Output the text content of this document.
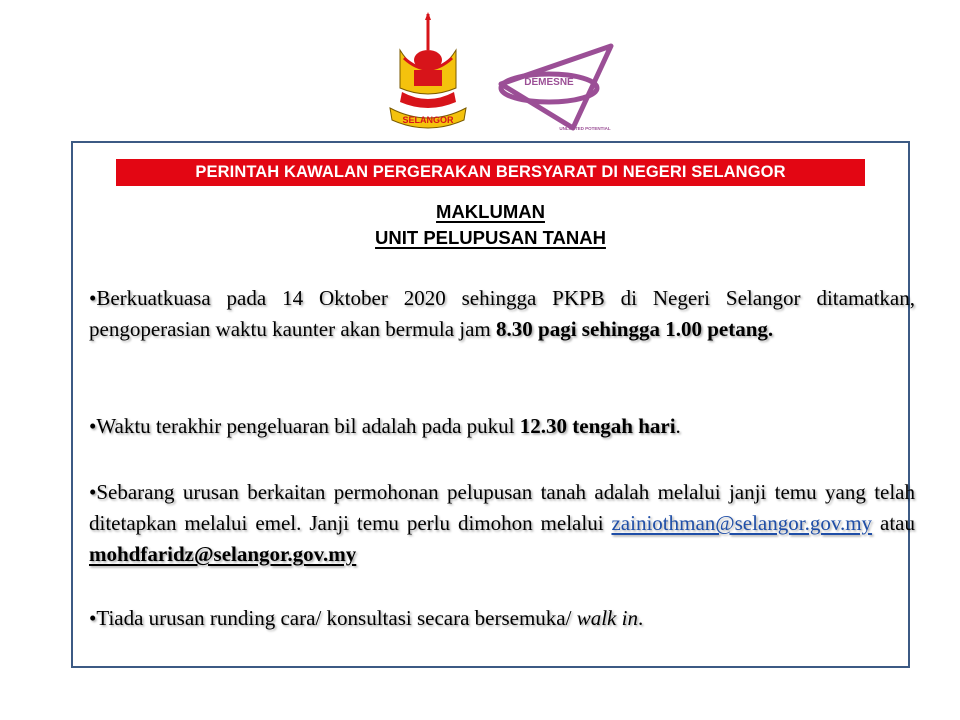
SELANGOR
DEMESNE
UNLIMITED POTENTIAL
PERINTAH KAWALAN PERGERAKAN BERSYARAT DI NEGERI SELANGOR
MAKLUMAN
UNIT PELUPUSAN TANAH
•Berkuatkuasa pada 14 Oktober 2020 sehingga PKPB di Negeri Selangor ditamatkan, pengoperasian waktu kaunter akan bermula jam 8.30 pagi sehingga 1.00 petang.
•Waktu terakhir pengeluaran bil adalah pada pukul 12.30 tengah hari.
•Sebarang urusan berkaitan permohonan pelupusan tanah adalah melalui janji temu yang telah ditetapkan melalui emel. Janji temu perlu dimohon melalui zainiothman@selangor.gov.my atau mohdfaridz@selangor.gov.my
•Tiada urusan runding cara/ konsultasi secara bersemuka/ walk in.
